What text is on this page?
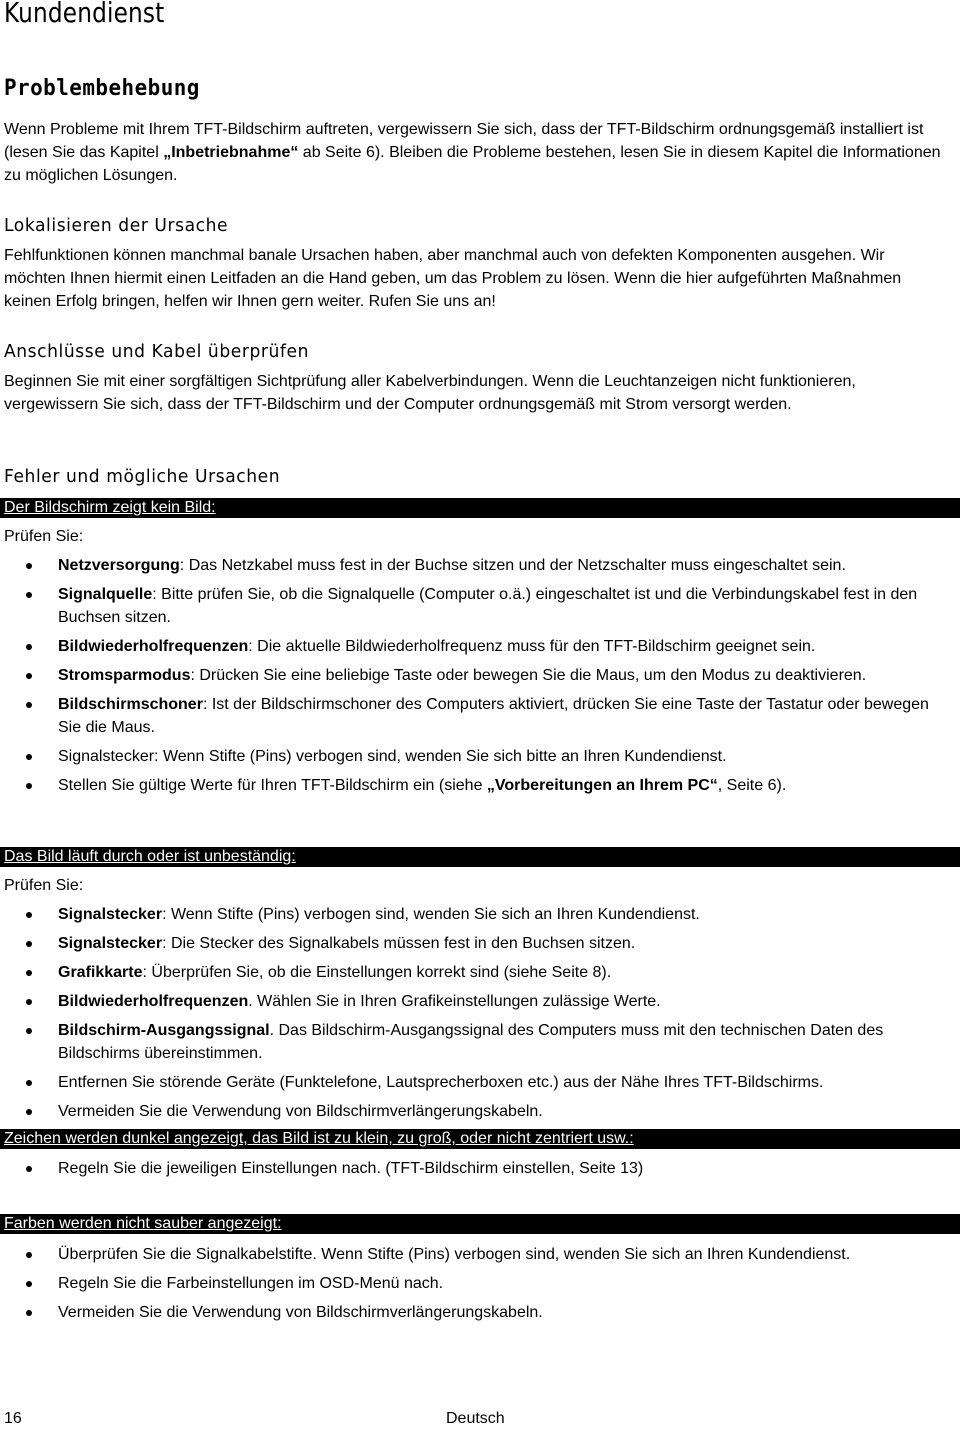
Kundendienst
Problembehebung

Wenn Probleme mit Ihrem TFT-Bildschirm auftreten, vergewissern Sie sich, dass der TFT-Bildschirm ordnungsgemäß installiert ist (lesen Sie das Kapitel „Inbetriebnahme“ ab Seite 6). Bleiben die Probleme bestehen, lesen Sie in diesem Kapitel die Informationen zu möglichen Lösungen.

Lokalisieren der Ursache

Fehlfunktionen können manchmal banale Ursachen haben, aber manchmal auch von defekten Komponenten ausgehen. Wir möchten Ihnen hiermit einen Leitfaden an die Hand geben, um das Problem zu lösen. Wenn die hier aufgeführten Maßnahmen keinen Erfolg bringen, helfen wir Ihnen gern weiter. Rufen Sie uns an!

Anschlüsse und Kabel überprüfen

Beginnen Sie mit einer sorgfältigen Sichtprüfung aller Kabelverbindungen. Wenn die Leuchtanzeigen nicht funktionieren, vergewissern Sie sich, dass der TFT-Bildschirm und der Computer ordnungsgemäß mit Strom versorgt werden.

Fehler und mögliche Ursachen
Der Bildschirm zeigt kein Bild:

Prüfen Sie:

Netzversorgung: Das Netzkabel muss fest in der Buchse sitzen und der Netzschalter muss eingeschaltet sein.
Signalquelle: Bitte prüfen Sie, ob die Signalquelle (Computer o.ä.) eingeschaltet ist und die Verbindungskabel fest in den Buchsen sitzen.
Bildwiederholfrequenzen: Die aktuelle Bildwiederholfrequenz muss für den TFT-Bildschirm geeignet sein.
Stromsparmodus: Drücken Sie eine beliebige Taste oder bewegen Sie die Maus, um den Modus zu deaktivieren.
Bildschirmschoner: Ist der Bildschirmschoner des Computers aktiviert, drücken Sie eine Taste der Tastatur oder bewegen Sie die Maus.
Signalstecker: Wenn Stifte (Pins) verbogen sind, wenden Sie sich bitte an Ihren Kundendienst.
Stellen Sie gültige Werte für Ihren TFT-Bildschirm ein (siehe „Vorbereitungen an Ihrem PC“, Seite 6).
Das Bild läuft durch oder ist unbeständig:

Prüfen Sie:

Signalstecker: Wenn Stifte (Pins) verbogen sind, wenden Sie sich an Ihren Kundendienst.
Signalstecker: Die Stecker des Signalkabels müssen fest in den Buchsen sitzen.
Grafikkarte: Überprüfen Sie, ob die Einstellungen korrekt sind (siehe Seite 8).
Bildwiederholfrequenzen. Wählen Sie in Ihren Grafikeinstellungen zulässige Werte.
Bildschirm-Ausgangssignal. Das Bildschirm-Ausgangssignal des Computers muss mit den technischen Daten des Bildschirms übereinstimmen.
Entfernen Sie störende Geräte (Funktelefone, Lautsprecherboxen etc.) aus der Nähe Ihres TFT-Bildschirms.
Vermeiden Sie die Verwendung von Bildschirmverlängerungskabeln.
Zeichen werden dunkel angezeigt, das Bild ist zu klein, zu groß, oder nicht zentriert usw.:
Regeln Sie die jeweiligen Einstellungen nach. (TFT-Bildschirm einstellen, Seite 13)
Farben werden nicht sauber angezeigt:
Überprüfen Sie die Signalkabelstifte. Wenn Stifte (Pins) verbogen sind, wenden Sie sich an Ihren Kundendienst.
Regeln Sie die Farbeinstellungen im OSD-Menü nach.
Vermeiden Sie die Verwendung von Bildschirmverlängerungskabeln.
16	Deutsch
